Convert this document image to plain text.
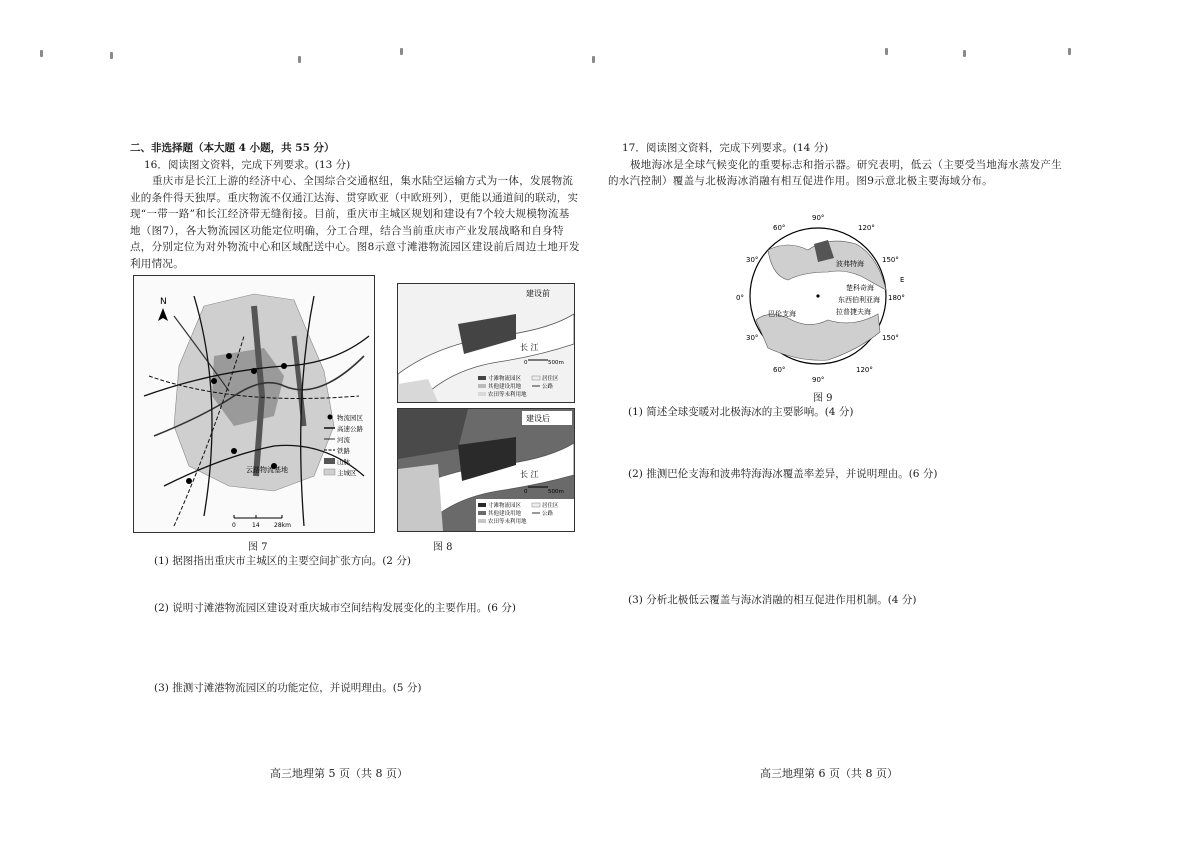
二、非选择题（本大题 4 小题，共 55 分）

16．阅读图文资料，完成下列要求。(13 分)

重庆市是长江上游的经济中心、全国综合交通枢纽，集水陆空运输方式为一体，发展物流业的条件得天独厚。重庆物流不仅通江达海、贯穿欧亚（中欧班列），更能以通道间的联动，实现“一带一路”和长江经济带无缝衔接。目前，重庆市主城区规划和建设有7个较大规模物流基地（图7），各大物流园区功能定位明确，分工合理，结合当前重庆市产业发展战略和自身特点，分别定位为对外物流中心和区域配送中心。图8示意寸滩港物流园区建设前后周边土地开发利用情况。

N
云路物流基地
物流园区
高速公路
河流
铁路
山脉
主城区
0	14 28km
建设前
长 江
0	500m
寸滩物流园区	居住区
其他建设用地	公路
农田等未利用地
建设后
长 江
0	500m
寸滩物流园区	居住区
其他建设用地	公路
农田等未利用地
图 7	图 8

(1) 据图指出重庆市主城区的主要空间扩张方向。(2 分)

(2) 说明寸滩港物流园区建设对重庆城市空间结构发展变化的主要作用。(6 分)

(3) 推测寸滩港物流园区的功能定位，并说明理由。(5 分)

高三地理第 5 页（共 8 页）

17．阅读图文资料，完成下列要求。(14 分)

极地海冰是全球气候变化的重要标志和指示器。研究表明，低云（主要受当地海水蒸发产生的水汽控制）覆盖与北极海冰消融有相互促进作用。图9示意北极主要海域分布。

90°
60°	120°
30°	150°
0°	180°
30°	150°
60°	120°
90°
波弗特海
楚科奇海
东西伯利亚海
拉普捷夫海
巴伦支海
E
图 9

(1) 简述全球变暖对北极海冰的主要影响。(4 分)

(2) 推测巴伦支海和波弗特海海冰覆盖率差异，并说明理由。(6 分)

(3) 分析北极低云覆盖与海冰消融的相互促进作用机制。(4 分)

高三地理第 6 页（共 8 页）
